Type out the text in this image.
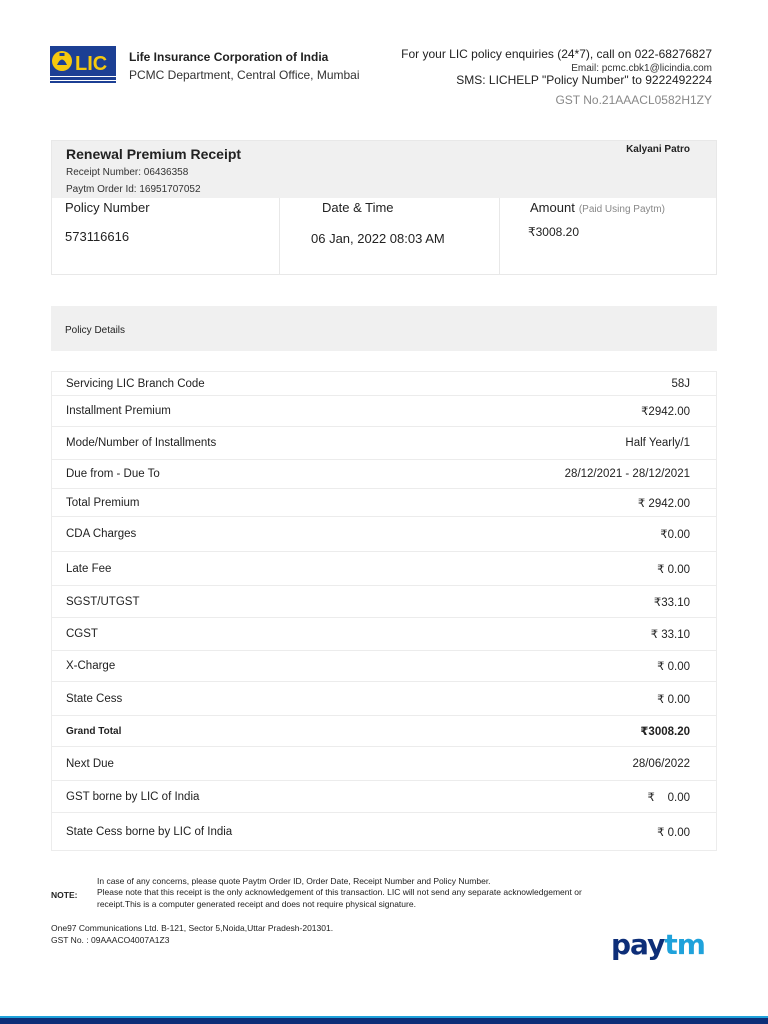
LIC Life Insurance Corporation of India
PCMC Department, Central Office, Mumbai
For your LIC policy enquiries (24*7), call on 022-68276827
Email: pcmc.cbk1@licindia.com
SMS: LICHELP "Policy Number" to 9222492224
GST No.21AAACL0582H1ZY
Renewal Premium Receipt
Receipt Number: 06436358
Paytm Order Id: 16951707052
Kalyani Patro
Policy Number
573116616
Date & Time
06 Jan, 2022 08:03 AM
Amount (Paid Using Paytm)
₹3008.20
Policy Details
Servicing LIC Branch Code	58J
Installment Premium	₹2942.00
Mode/Number of Installments	Half Yearly/1
Due from - Due To	28/12/2021 - 28/12/2021
Total Premium	₹ 2942.00
CDA Charges	₹0.00
Late Fee	₹ 0.00
SGST/UTGST	₹33.10
CGST	₹ 33.10
X-Charge	₹ 0.00
State Cess	₹ 0.00
Grand Total	₹3008.20
Next Due	28/06/2022
GST borne by LIC of India	₹    0.00
State Cess borne by LIC of India	₹ 0.00
NOTE:
In case of any concerns, please quote Paytm Order ID, Order Date, Receipt Number and Policy Number.
Please note that this receipt is the only acknowledgement of this transaction. LIC will not send any separate acknowledgement or
receipt.This is a computer generated receipt and does not require physical signature.
One97 Communications Ltd. B-121, Sector 5,Noida,Uttar Pradesh-201301.
GST No. : 09AAACO4007A1Z3	paytm
